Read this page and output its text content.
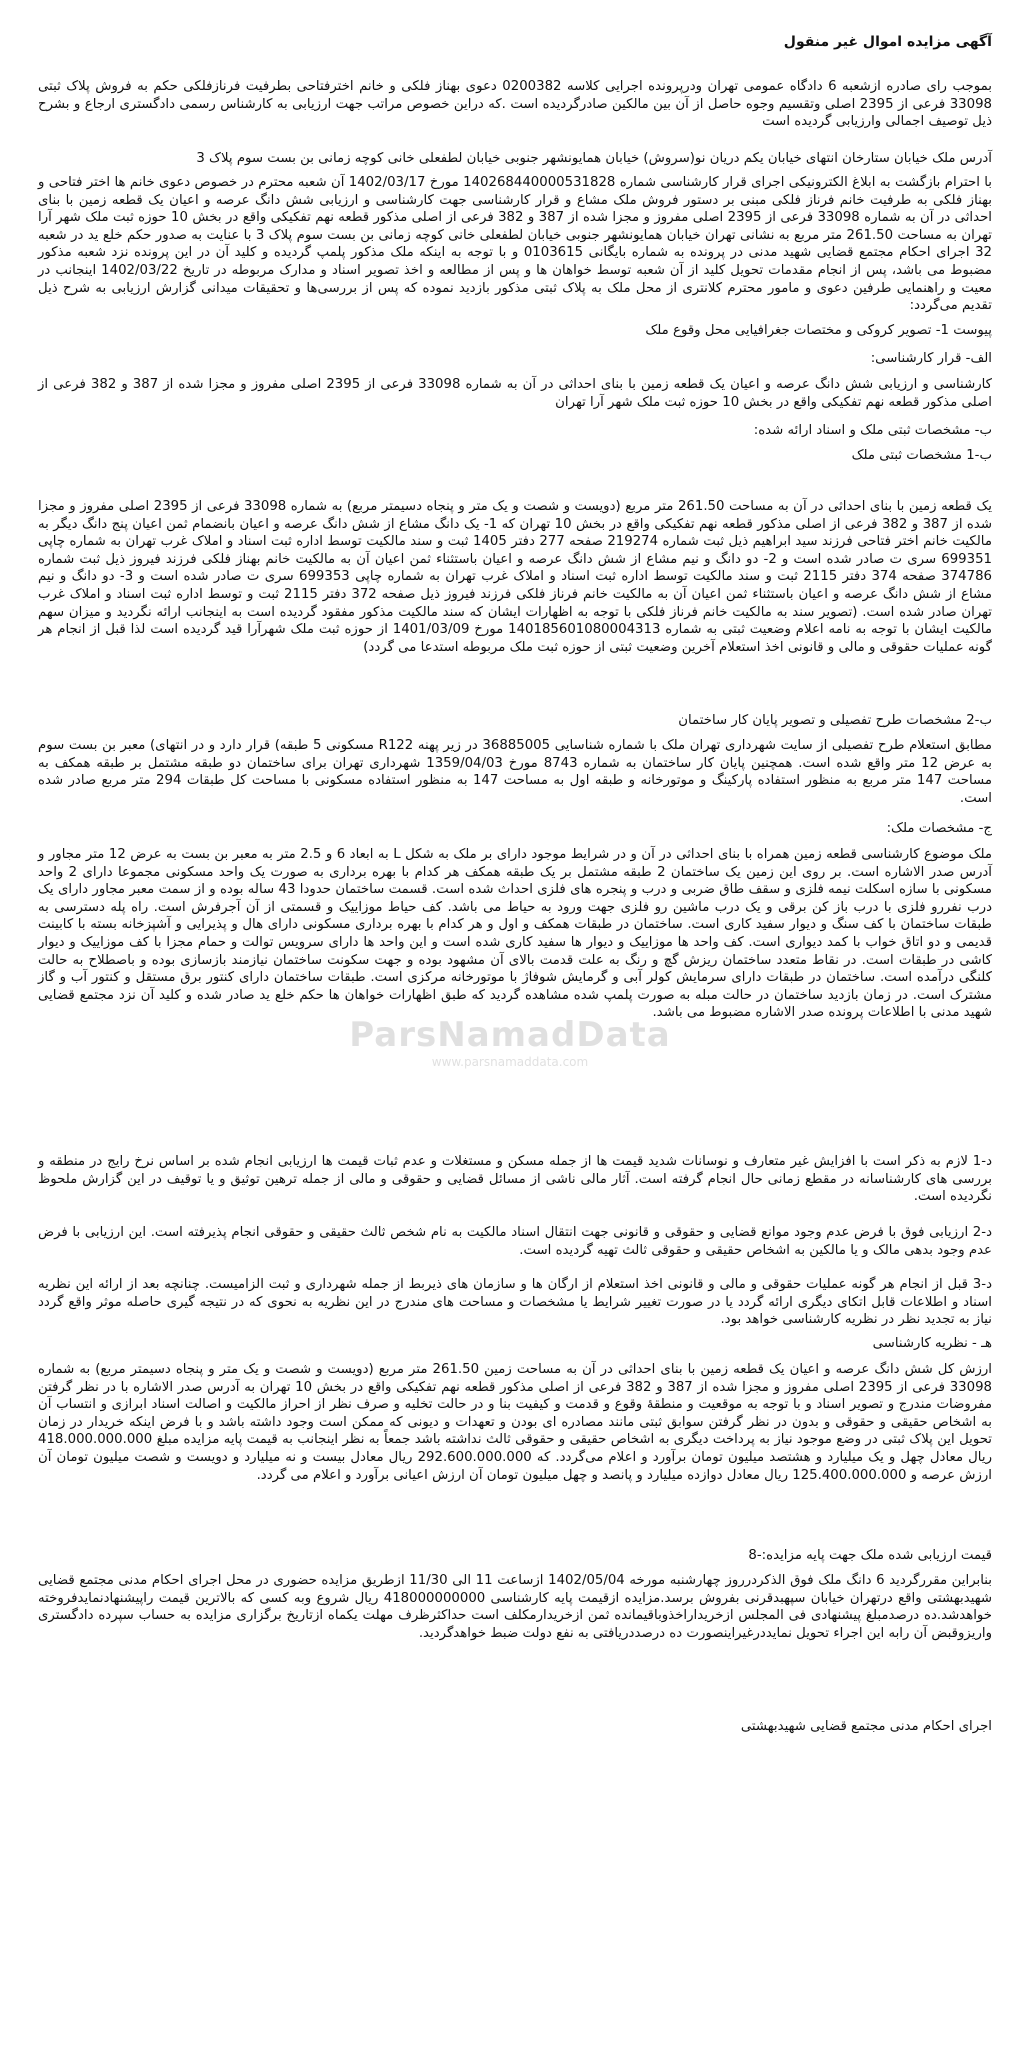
آگهی مزایده اموال غیر منقول

بموجب رای صادره ازشعبه 6 دادگاه عمومی تهران ودرپرونده اجرایی کلاسه 0200382 دعوی بهناز فلکی و خانم اخترفتاحی بطرفیت فرنازفلکی حکم به فروش پلاک ثبتی 33098 فرعی از 2395 اصلی وتقسیم وجوه حاصل از آن بین مالکین صادرگردیده است .که دراین خصوص مراتب جهت ارزیابی به کارشناس رسمی دادگستری ارجاع و بشرح ذیل توصیف اجمالی وارزیابی گردیده است

آدرس ملک خیابان ستارخان انتهای خیابان یکم دریان نو(سروش) خیابان همایونشهر جنوبی خیابان لطفعلی خانی کوچه زمانی بن بست سوم پلاک 3

با احترام بازگشت به ابلاغ الکترونیکی اجرای قرار کارشناسی شماره 140268440000531828 مورخ 1402/03/17 آن شعبه محترم در خصوص دعوی خانم ها اختر فتاحی و بهناز فلکی به طرفیت خانم فرناز فلکی مبنی بر دستور فروش ملک مشاع و قرار کارشناسی جهت کارشناسی و ارزیابی شش دانگ عرصه و اعیان یک قطعه زمین با بنای احداثی در آن به شماره 33098 فرعی از 2395 اصلی مفروز و مجزا شده از 387 و 382 فرعی از اصلی مذکور قطعه نهم تفکیکی واقع در بخش 10 حوزه ثبت ملک شهر آرا تهران به مساحت 261.50 متر مربع به نشانی تهران خیابان همایونشهر جنوبی خیابان لطفعلی خانی کوچه زمانی بن بست سوم پلاک 3 با عنایت به صدور حکم خلع ید در شعبه 32 اجرای احکام مجتمع قضایی شهید مدنی در پرونده به شماره بایگانی 0103615 و با توجه به اینکه ملک مذکور پلمپ گردیده و کلید آن در این پرونده نزد شعبه مذکور مضبوط می باشد، پس از انجام مقدمات تحویل کلید از آن شعبه توسط خواهان ها و پس از مطالعه و اخذ تصویر اسناد و مدارک مربوطه در تاریخ 1402/03/22 اینجانب در معیت و راهنمایی طرفین دعوی و مامور محترم کلانتری از محل ملک به پلاک ثبتی مذکور بازدید نموده که پس از بررسی‌ها و تحقیقات میدانی گزارش ارزیابی به شرح ذیل تقدیم می‌گردد:

پیوست 1- تصویر کروکی و مختصات جغرافیایی محل وقوع ملک

الف- قرار کارشناسی:

کارشناسی و ارزیابی شش دانگ عرصه و اعیان یک قطعه زمین با بنای احداثی در آن به شماره 33098 فرعی از 2395 اصلی مفروز و مجزا شده از 387 و 382 فرعی از اصلی مذکور قطعه نهم تفکیکی واقع در بخش 10 حوزه ثبت ملک شهر آرا تهران

ب- مشخصات ثبتی ملک و اسناد ارائه شده:

ب-1 مشخصات ثبتی ملک

یک قطعه زمین با بنای احداثی در آن به مساحت 261.50 متر مربع (دویست و شصت و یک متر و پنجاه دسیمتر مربع) به شماره 33098 فرعی از 2395 اصلی مفروز و مجزا شده از 387 و 382 فرعی از اصلی مذکور قطعه نهم تفکیکی واقع در بخش 10 تهران که 1- یک دانگ مشاع از شش دانگ عرصه و اعیان بانضمام ثمن اعیان پنج دانگ دیگر به مالکیت خانم اختر فتاحی فرزند سید ابراهیم ذیل ثبت شماره 219274 صفحه 277 دفتر 1405 ثبت و سند مالکیت توسط اداره ثبت اسناد و املاک غرب تهران به شماره چاپی 699351 سری ت صادر شده است و 2- دو دانگ و نیم مشاع از شش دانگ عرصه و اعیان باستثناء ثمن اعیان آن به مالکیت خانم بهناز فلکی فرزند فیروز ذیل ثبت شماره 374786 صفحه 374 دفتر 2115 ثبت و سند مالکیت توسط اداره ثبت اسناد و املاک غرب تهران به شماره چاپی 699353 سری ت صادر شده است و 3- دو دانگ و نیم مشاع از شش دانگ عرصه و اعیان باستثناء ثمن اعیان آن به مالکیت خانم فرناز فلکی فرزند فیروز ذیل صفحه 372 دفتر 2115 ثبت و توسط اداره ثبت اسناد و املاک غرب تهران صادر شده است. (تصویر سند به مالکیت خانم فرناز فلکی با توجه به اظهارات ایشان که سند مالکیت مذکور مفقود گردیده است به اینجانب ارائه نگردید و میزان سهم مالکیت ایشان با توجه به نامه اعلام وضعیت ثبتی به شماره 140185601080004313 مورخ 1401/03/09 از حوزه ثبت ملک شهرآرا قید گردیده است لذا قبل از انجام هر گونه عملیات حقوقی و مالی و قانونی اخذ استعلام آخرین وضعیت ثبتی از حوزه ثبت ملک مربوطه استدعا می گردد)

ب-2 مشخصات طرح تفصیلی و تصویر پایان کار ساختمان

مطابق استعلام طرح تفصیلی از سایت شهرداری تهران ملک با شماره شناسایی 36885005 در زیر پهنه R122 مسکونی 5 طبقه) قرار دارد و در انتهای) معبر بن بست سوم به عرض 12 متر واقع شده است. همچنین پایان کار ساختمان به شماره 8743 مورخ 1359/04/03 شهرداری تهران برای ساختمان دو طبقه مشتمل بر طبقه همکف به مساحت 147 متر مربع به منظور استفاده پارکینگ و موتورخانه و طبقه اول به مساحت 147 به منظور استفاده مسکونی با مساحت کل طبقات 294 متر مربع صادر شده است.

ج- مشخصات ملک:

ملک موضوع کارشناسی قطعه زمین همراه با بنای احداثی در آن و در شرایط موجود دارای بر ملک به شکل L به ابعاد 6 و 2.5 متر به معبر بن بست به عرض 12 متر مجاور و آدرس صدر الاشاره است. بر روی این زمین یک ساختمان 2 طبقه مشتمل بر یک طبقه همکف هر کدام با بهره برداری به صورت یک واحد مسکونی مجموعا دارای 2 واحد مسکونی با سازه اسکلت نیمه فلزی و سقف طاق ضربی و درب و پنجره های فلزی احداث شده است. قسمت ساختمان حدودا 43 ساله بوده و از سمت معبر مجاور دارای یک درب نفررو فلزی با درب باز کن برقی و یک درب ماشین رو فلزی جهت ورود به حیاط می باشد. کف حیاط موزاییک و قسمتی از آن آجرفرش است. راه پله دسترسی به طبقات ساختمان با کف سنگ و دیوار سفید کاری است. ساختمان در طبقات همکف و اول و هر کدام با بهره برداری مسکونی دارای هال و پذیرایی و آشپزخانه بسته با کابینت قدیمی و دو اتاق خواب با کمد دیواری است. کف واحد ها موزاییک و دیوار ها سفید کاری شده است و این واحد ها دارای سرویس توالت و حمام مجزا با کف موزاییک و دیوار کاشی در طبقات است. در نقاط متعدد ساختمان ریزش گچ و رنگ به علت قدمت بالای آن مشهود بوده و جهت سکونت ساختمان نیازمند بازسازی بوده و باصطلاح به حالت کلنگی درآمده است. ساختمان در طبقات دارای سرمایش کولر آبی و گرمایش شوفاژ با موتورخانه مرکزی است. طبقات ساختمان دارای کنتور برق مستقل و کنتور آب و گاز مشترک است. در زمان بازدید ساختمان در حالت مبله به صورت پلمپ شده مشاهده گردید که طبق اظهارات خواهان ها حکم خلع ید صادر شده و کلید آن نزد مجتمع قضایی شهید مدنی با اطلاعات پرونده صدر الاشاره مضبوط می باشد.

د-1 لازم به ذکر است با افزایش غیر متعارف و نوسانات شدید قیمت ها از جمله مسکن و مستغلات و عدم ثبات قیمت ها ارزیابی انجام شده بر اساس نرخ رایج در منطقه و بررسی های کارشناسانه در مقطع زمانی حال انجام گرفته است. آثار مالی ناشی از مسائل قضایی و حقوقی و مالی از جمله ترهین توثیق و یا توقیف در این گزارش ملحوظ نگردیده است.

د-2 ارزیابی فوق با فرض عدم وجود موانع قضایی و حقوقی و قانونی جهت انتقال اسناد مالکیت به نام شخص ثالث حقیقی و حقوقی انجام پذیرفته است. این ارزیابی با فرض عدم وجود بدهی مالک و یا مالکین به اشخاص حقیقی و حقوقی ثالث تهیه گردیده است.

د-3 قبل از انجام هر گونه عملیات حقوقی و مالی و قانونی اخذ استعلام از ارگان ها و سازمان های ذیربط از جمله شهرداری و ثبت الزامیست. چنانچه بعد از ارائه این نظریه اسناد و اطلاعات قابل اتکای دیگری ارائه گردد یا در صورت تغییر شرایط یا مشخصات و مساحت های مندرج در این نظریه به نحوی که در نتیجه گیری حاصله موثر واقع گردد نیاز به تجدید نظر در نظریه کارشناسی خواهد بود.

هـ - نظریه کارشناسی

ارزش کل شش دانگ عرصه و اعیان یک قطعه زمین با بنای احداثی در آن به مساحت زمین 261.50 متر مربع (دویست و شصت و یک متر و پنجاه دسیمتر مربع) به شماره 33098 فرعی از 2395 اصلی مفروز و مجزا شده از 387 و 382 فرعی از اصلی مذکور قطعه نهم تفکیکی واقع در بخش 10 تهران به آدرس صدر الاشاره با در نظر گرفتن مفروضات مندرج و تصویر اسناد و با توجه به موقعیت و منطقهٔ وقوع و قدمت و کیفیت بنا و در حالت تخلیه و صرف نظر از احراز مالکیت و اصالت اسناد ابرازی و انتساب آن به اشخاص حقیقی و حقوقی و بدون در نظر گرفتن سوابق ثبتی مانند مصادره ای بودن و تعهدات و دیونی که ممکن است وجود داشته باشد و با فرض اینکه خریدار در زمان تحویل این پلاک ثبتی در وضع موجود نیاز به پرداخت دیگری به اشخاص حقیقی و حقوقی ثالث نداشته باشد جمعاً به نظر اینجانب به قیمت پایه مزایده مبلغ 418.000.000.000 ریال معادل چهل و یک میلیارد و هشتصد میلیون تومان برآورد و اعلام می‌گردد. که 292.600.000.000 ریال معادل بیست و نه میلیارد و دویست و شصت میلیون تومان آن ارزش عرصه و 125.400.000.000 ریال معادل دوازده میلیارد و پانصد و چهل میلیون تومان آن ارزش اعیانی برآورد و اعلام می گردد.

قیمت ارزیابی شده ملک جهت پایه مزایده:-8

بنابراین مقررگردید 6 دانگ ملک فوق الذکردرروز چهارشنبه مورخه 1402/05/04 ازساعت 11 الی 11/30 ازطریق مزایده حضوری در محل اجرای احکام مدنی مجتمع قضایی شهیدبهشتی واقع درتهران خیابان سپهبدقرنی بفروش برسد.مزایده ازقیمت پایه کارشناسی 418000000000 ریال شروع وبه کسی که بالاترین قیمت راپیشنهادنمایدفروخته خواهدشد.ده درصدمبلغ پیشنهادی فی المجلس ازخریداراخذوباقیمانده ثمن ازخریدارمکلف است حداکثرظرف مهلت یکماه ازتاریخ برگزاری مزایده به حساب سپرده دادگستری واریزوقبض آن رابه این اجراء تحویل نمایددرغیراینصورت ده درصددریافتی به نفع دولت ضبط خواهدگردید.

اجرای احکام مدنی مجتمع قضایی شهیدبهشتی

ParsNamadData
www.parsnamaddata.com
